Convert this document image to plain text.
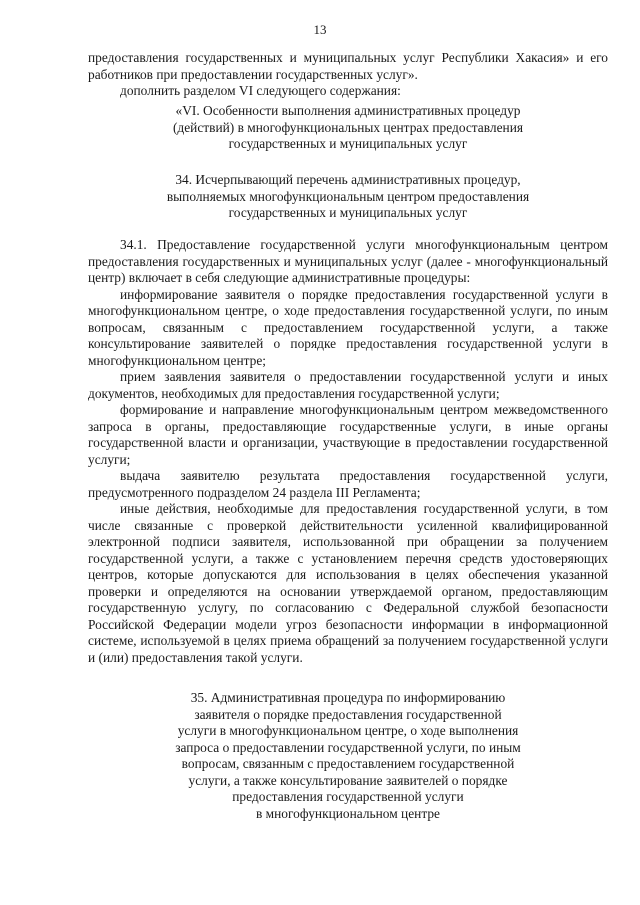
13

предоставления государственных и муниципальных услуг Республики Хакасия» и его работников при предоставлении государственных услуг».

дополнить разделом VI следующего содержания:

«VI. Особенности выполнения административных процедур
(действий) в многофункциональных центрах предоставления
государственных и муниципальных услуг
34. Исчерпывающий перечень административных процедур,
выполняемых многофункциональным центром предоставления
государственных и муниципальных услуг

34.1. Предоставление государственной услуги многофункциональным центром предоставления государственных и муниципальных услуг (далее - многофункциональный центр) включает в себя следующие административные процедуры:

информирование заявителя о порядке предоставления государственной услуги в многофункциональном центре, о ходе предоставления государственной услуги, по иным вопросам, связанным с предоставлением государственной услуги, а также консультирование заявителей о порядке предоставления государственной услуги в многофункциональном центре;

прием заявления заявителя о предоставлении государственной услуги и иных документов, необходимых для предоставления государственной услуги;

формирование и направление многофункциональным центром межведомственного запроса в органы, предоставляющие государственные услуги, в иные органы государственной власти и организации, участвующие в предоставлении государственной услуги;

выдача заявителю результата предоставления государственной услуги, предусмотренного подразделом 24 раздела III Регламента;

иные действия, необходимые для предоставления государственной услуги, в том числе связанные с проверкой действительности усиленной квалифицированной электронной подписи заявителя, использованной при обращении за получением государственной услуги, а также с установлением перечня средств удостоверяющих центров, которые допускаются для использования в целях обеспечения указанной проверки и определяются на основании утверждаемой органом, предоставляющим государственную услугу, по согласованию с Федеральной службой безопасности Российской Федерации модели угроз безопасности информации в информационной системе, используемой в целях приема обращений за получением государственной услуги и (или) предоставления такой услуги.

35. Административная процедура по информированию
заявителя о порядке предоставления государственной
услуги в многофункциональном центре, о ходе выполнения
запроса о предоставлении государственной услуги, по иным
вопросам, связанным с предоставлением государственной
услуги, а также консультирование заявителей о порядке
предоставления государственной услуги
в многофункциональном центре
